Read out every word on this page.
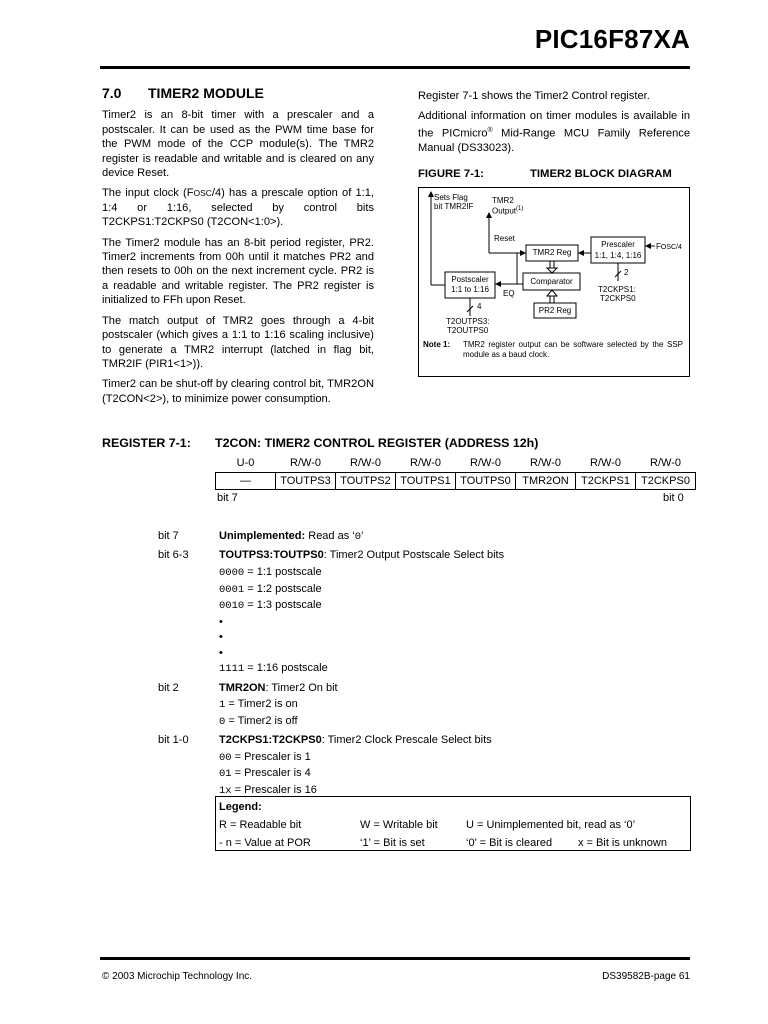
PIC16F87XA
7.0 TIMER2 MODULE

Timer2 is an 8-bit timer with a prescaler and a postscaler. It can be used as the PWM time base for the PWM mode of the CCP module(s). The TMR2 register is readable and writable and is cleared on any device Reset.

The input clock (FOSC/4) has a prescale option of 1:1, 1:4 or 1:16, selected by control bits T2CKPS1:T2CKPS0 (T2CON<1:0>).

The Timer2 module has an 8-bit period register, PR2. Timer2 increments from 00h until it matches PR2 and then resets to 00h on the next increment cycle. PR2 is a readable and writable register. The PR2 register is initialized to FFh upon Reset.

The match output of TMR2 goes through a 4-bit postscaler (which gives a 1:1 to 1:16 scaling inclusive) to generate a TMR2 interrupt (latched in flag bit, TMR2IF (PIR1<1>)).

Timer2 can be shut-off by clearing control bit, TMR2ON (T2CON<2>), to minimize power consumption.

Register 7-1 shows the Timer2 Control register.

Additional information on timer modules is available in the PICmicro® Mid-Range MCU Family Reference Manual (DS33023).

FIGURE 7-1:	TIMER2 BLOCK DIAGRAM
Sets Flag
bit TMR2IF
TMR2
Output$^{(1)}$
Reset
TMR2 Reg
Prescaler
1:1, 1:4, 1:16
FOSC/4
Postscaler
1:1 to 1:16	EQ
Comparator
PR2 Reg
2
T2CKPS1:
T2CKPS0
4
T2OUTPS3:
T2OUTPS0
Note 1: TMR2 register output can be software selected by the SSP module as a baud clock.
REGISTER 7-1: T2CON: TIMER2 CONTROL REGISTER (ADDRESS 12h)
U-0	R/W-0	R/W-0	R/W-0	R/W-0	R/W-0	R/W-0	R/W-0
—	TOUTPS3	TOUTPS2	TOUTPS1	TOUTPS0	TMR2ON	T2CKPS1	T2CKPS0
bit 7	bit 0
bit 7	Unimplemented: Read as ‘0’
bit 6-3	TOUTPS3:TOUTPS0: Timer2 Output Postscale Select bits
0000 = 1:1 postscale
0001 = 1:2 postscale
0010 = 1:3 postscale
•
•
•
1111 = 1:16 postscale
bit 2	TMR2ON: Timer2 On bit
1 = Timer2 is on
0 = Timer2 is off
bit 1-0	T2CKPS1:T2CKPS0: Timer2 Clock Prescale Select bits
00 = Prescaler is 1
01 = Prescaler is 4
1x = Prescaler is 16
Legend:
R = Readable bit	W = Writable bit	U = Unimplemented bit, read as ‘0’
- n = Value at POR	‘1’ = Bit is set	‘0’ = Bit is cleared	x = Bit is unknown
© 2003 Microchip Technology Inc.	DS39582B-page 61
